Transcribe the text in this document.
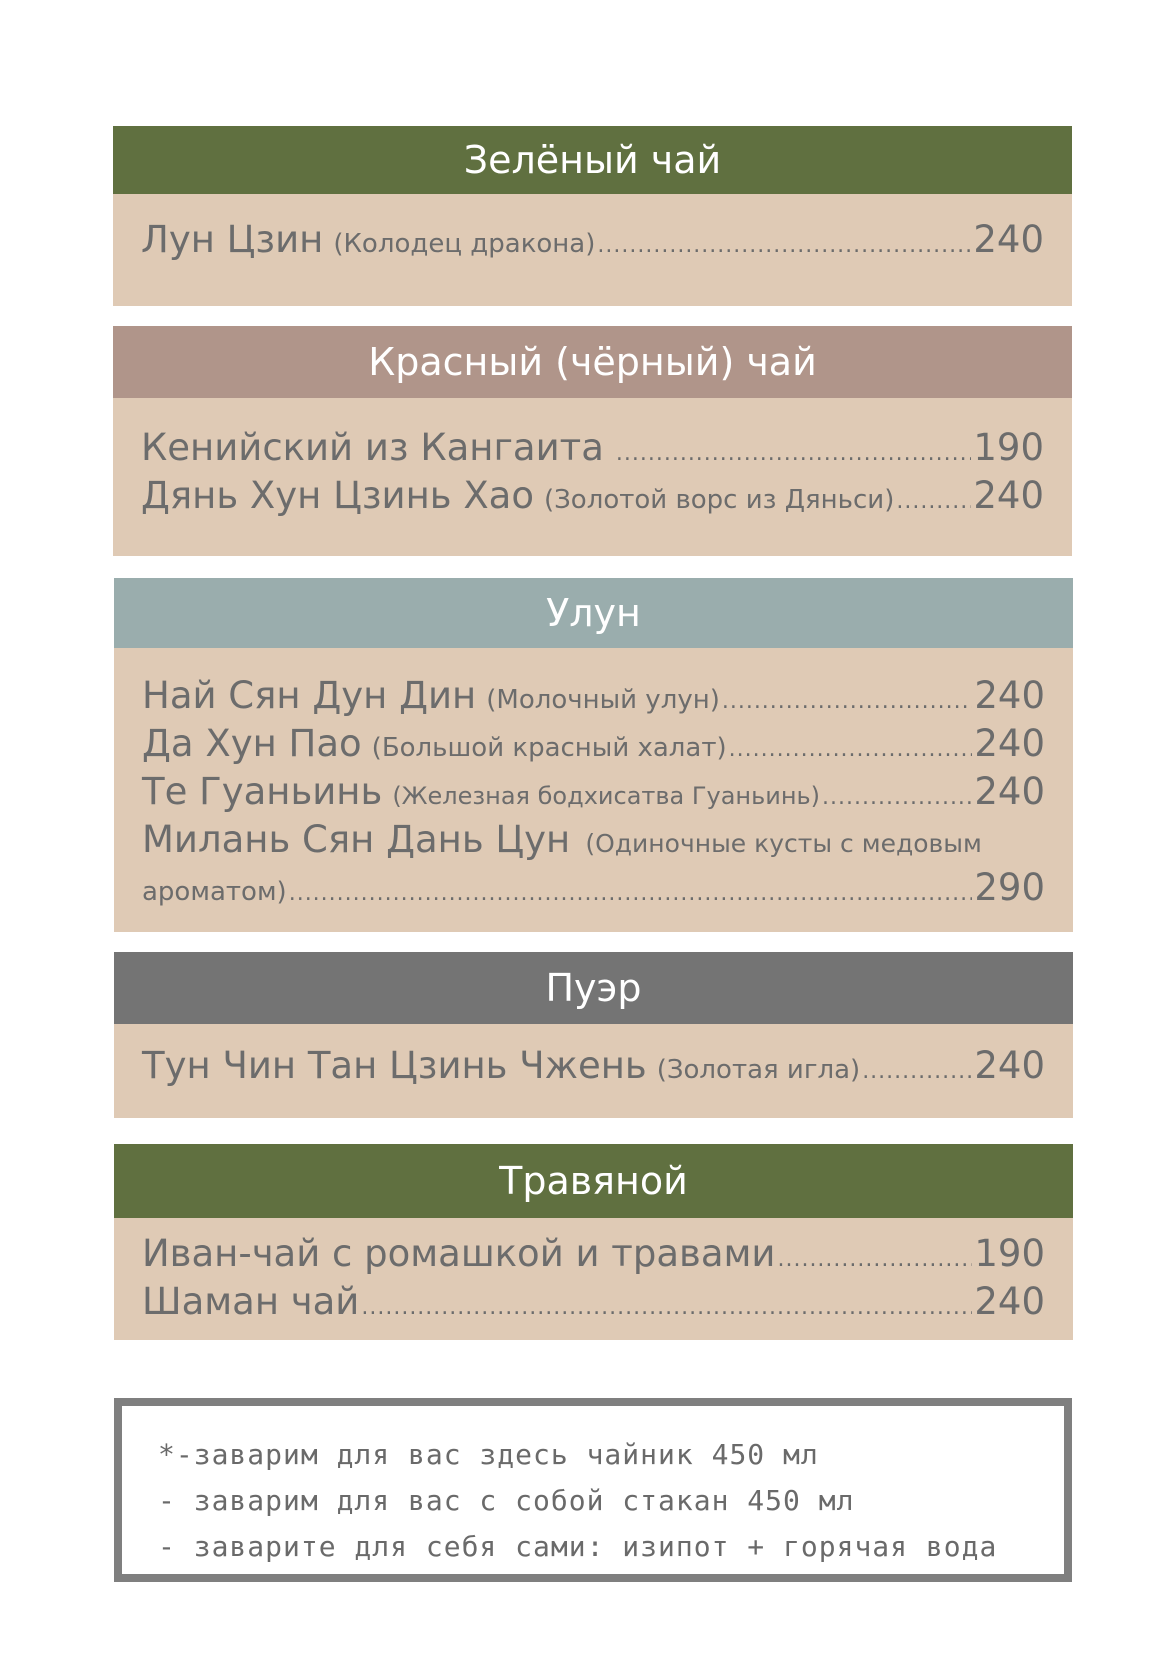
Зелёный чай
Лун Цзин (Колодец дракона) .....	240
Красный (чёрный) чай
Кенийский из Кангаита .....	190
Дянь Хун Цзинь Хао (Золотой ворс из Дяньси) ..... 240
Улун
Най Сян Дун Дин (Молочный улун) .....	240
Да Хун Пао (Большой красный халат) .....	240
Те Гуаньинь (Железная бодхисатва Гуаньинь) .....	240
Милань Сян Дань Цун (Одиночные кусты с медовым
ароматом) .....	290
Пуэр
Тун Чин Тан Цзинь Чжень (Золотая игла) .....	240
Травяной
Иван-чай с ромашкой и травами .....	190
Шаман чай .....	240
*-заварим для вас здесь чайник 450 мл
- заварим для вас с собой стакан 450 мл
- заварите для себя сами: изипот + горячая вода
